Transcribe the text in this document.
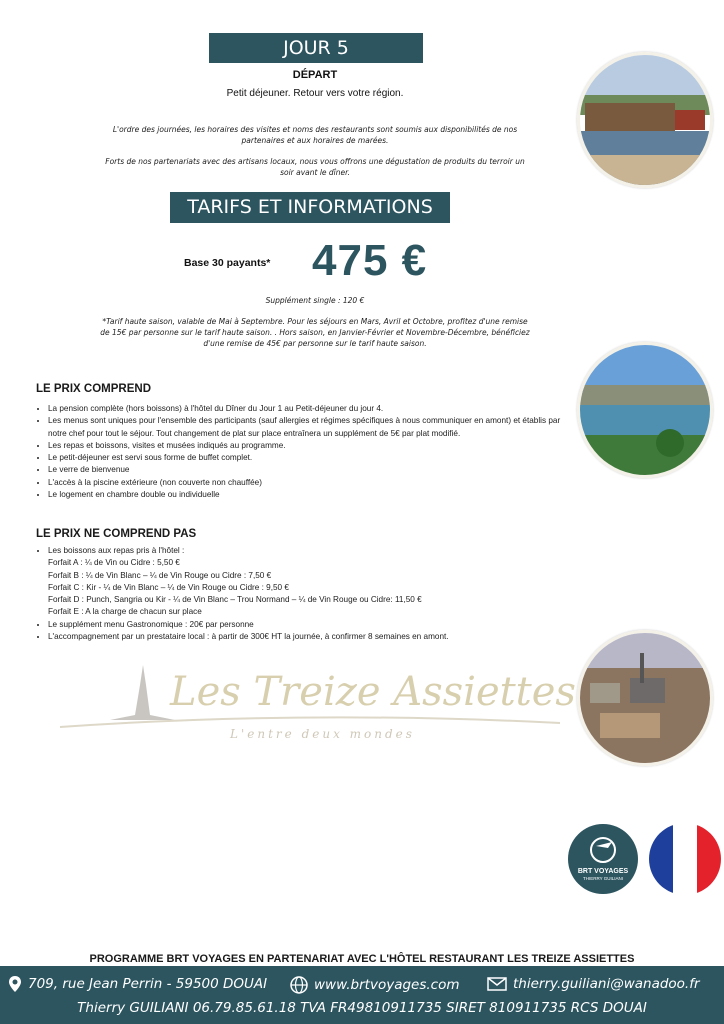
JOUR 5
DÉPART
Petit déjeuner. Retour vers votre région.
L'ordre des journées, les horaires des visites et noms des restaurants sont soumis aux disponibilités de nos partenaires et aux horaires de marées.
Forts de nos partenariats avec des artisans locaux, nous vous offrons une dégustation de produits du terroir un soir avant le dîner.
TARIFS ET INFORMATIONS
Base 30 payants* 475 €
Supplément single : 120 €
*Tarif haute saison, valable de Mai à Septembre. Pour les séjours en Mars, Avril et Octobre, profitez d'une remise de 15€ par personne sur le tarif haute saison. . Hors saison, en Janvier-Février et Novembre-Décembre, bénéficiez d'une remise de 45€ par personne sur le tarif haute saison.
LE PRIX COMPREND
• La pension complète (hors boissons) à l'hôtel du Dîner du Jour 1 au Petit-déjeuner du jour 4.
• Les menus sont uniques pour l'ensemble des participants (sauf allergies et régimes spécifiques à nous communiquer en amont) et établis par notre chef pour tout le séjour. Tout changement de plat sur place entraînera un supplément de 5€ par plat modifié.
• Les repas et boissons, visites et musées indiqués au programme.
• Le petit-déjeuner est servi sous forme de buffet complet.
• Le verre de bienvenue
• L'accès à la piscine extérieure (non couverte non chauffée)
• Le logement en chambre double ou individuelle
LE PRIX NE COMPREND PAS
• Les boissons aux repas pris à l'hôtel :
Forfait A : ¼ de Vin ou Cidre : 5,50 €
Forfait B : ¼ de Vin Blanc – ¼ de Vin Rouge ou Cidre : 7,50 €
Forfait C : Kir - ¼ de Vin Blanc – ¼ de Vin Rouge ou Cidre : 9,50 €
Forfait D : Punch, Sangria ou Kir - ¼ de Vin Blanc – Trou Normand – ¼ de Vin Rouge ou Cidre: 11,50 €
Forfait E : A la charge de chacun sur place
• Le supplément menu Gastronomique : 20€ par personne
• L'accompagnement par un prestataire local : à partir de 300€ HT la journée, à confirmer 8 semaines en amont.
Les Treize Assiettes
L'entre deux mondes
BRT VOYAGES
THIERRY GUILIANI
PROGRAMME BRT VOYAGES EN PARTENARIAT AVEC L'HÔTEL RESTAURANT LES TREIZE ASSIETTES
709, rue Jean Perrin - 59500 DOUAI	www.brtvoyages.com	thierry.guiliani@wanadoo.fr
Thierry GUILIANI 06.79.85.61.18 TVA FR49810911735 SIRET 810911735 RCS DOUAI
